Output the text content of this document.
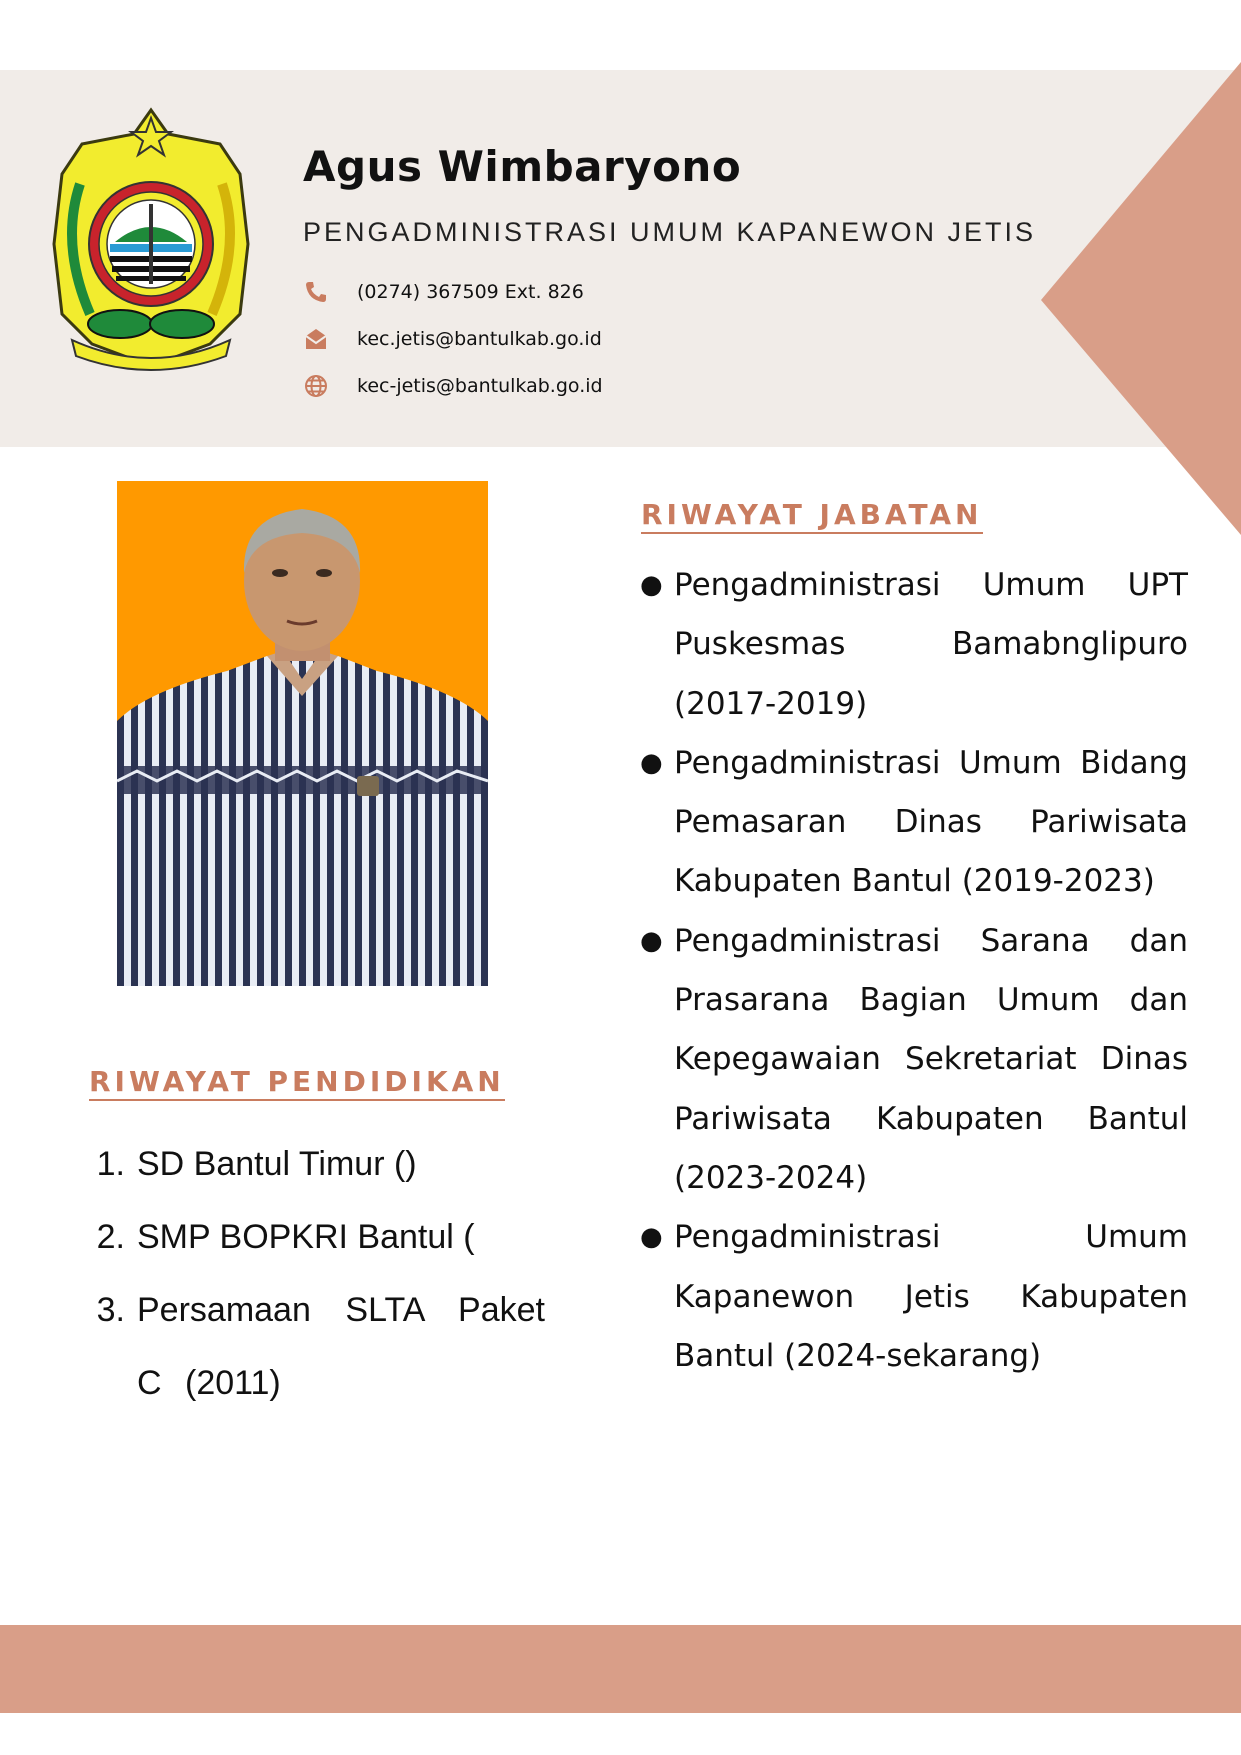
Agus Wimbaryono
PENGADMINISTRASI UMUM KAPANEWON JETIS
(0274) 367509 Ext. 826
kec.jetis@bantulkab.go.id
kec-jetis@bantulkab.go.id
RIWAYAT PENDIDIKAN
1. SD Bantul Timur ()
2. SMP BOPKRI Bantul (
3. Persamaan SLTA Paket C (2011)
RIWAYAT JABATAN
● Pengadministrasi Umum UPT Puskesmas Bamabnglipuro (2017-2019)
● Pengadministrasi Umum Bidang Pemasaran Dinas Pariwisata Kabupaten Bantul (2019-2023)
● Pengadministrasi Sarana dan Prasarana Bagian Umum dan Kepegawaian Sekretariat Dinas Pariwisata Kabupaten Bantul (2023-2024)
● Pengadministrasi Umum Kapanewon Jetis Kabupaten Bantul (2024-sekarang)
